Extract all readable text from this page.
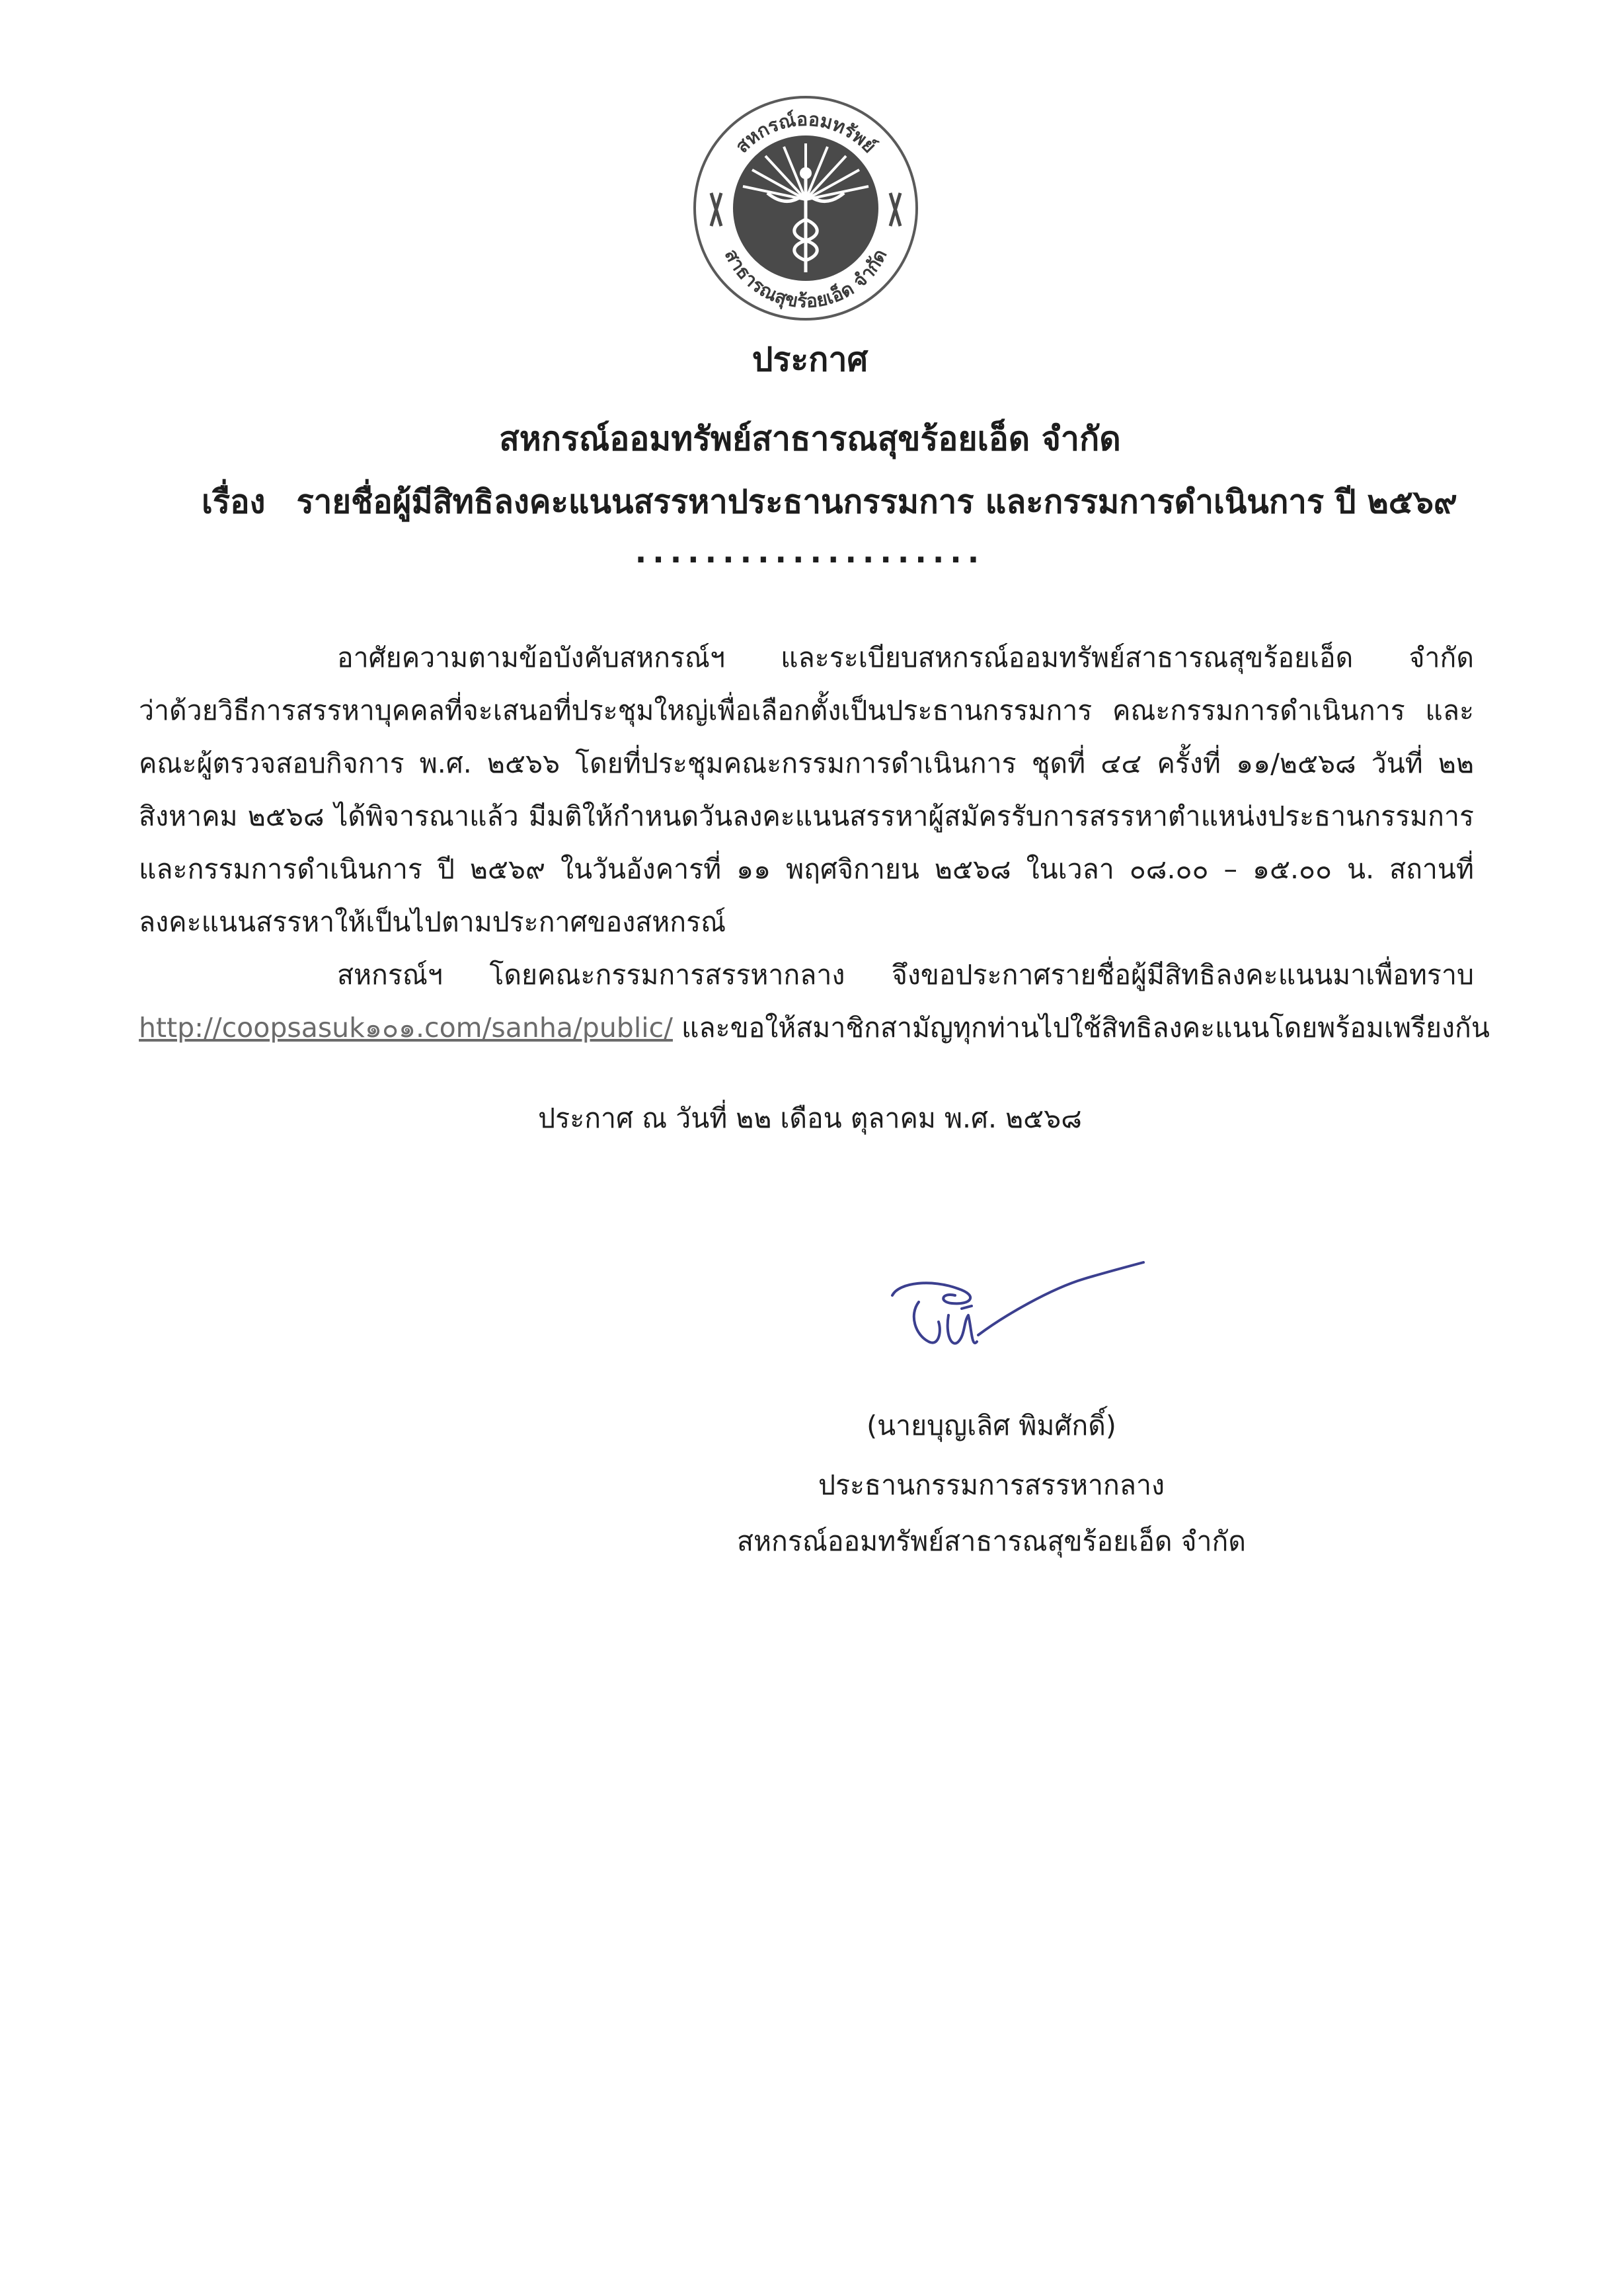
สหกรณ์ออมทรัพย์
สาธารณสุขร้อยเอ็ด จำกัด
ประกาศ
สหกรณ์ออมทรัพย์สาธารณสุขร้อยเอ็ด จำกัด
เรื่อง รายชื่อผู้มีสิทธิลงคะแนนสรรหาประธานกรรมการ และกรรมการดำเนินการ ปี ๒๕๖๙
....................
อาศัยความตามข้อบังคับสหกรณ์ฯ และระเบียบสหกรณ์ออมทรัพย์สาธารณสุขร้อยเอ็ด จำกัด
ว่าด้วยวิธีการสรรหาบุคคลที่จะเสนอที่ประชุมใหญ่เพื่อเลือกตั้งเป็นประธานกรรมการ คณะกรรมการดำเนินการ และ
คณะผู้ตรวจสอบกิจการ พ.ศ. ๒๕๖๖ โดยที่ประชุมคณะกรรมการดำเนินการ ชุดที่ ๔๔ ครั้งที่ ๑๑/๒๕๖๘ วันที่ ๒๒
สิงหาคม ๒๕๖๘ ได้พิจารณาแล้ว มีมติให้กำหนดวันลงคะแนนสรรหาผู้สมัครรับการสรรหาตำแหน่งประธานกรรมการ
และกรรมการดำเนินการ ปี ๒๕๖๙ ในวันอังคารที่ ๑๑ พฤศจิกายน ๒๕๖๘ ในเวลา ๐๘.๐๐ – ๑๕.๐๐ น. สถานที่
ลงคะแนนสรรหาให้เป็นไปตามประกาศของสหกรณ์
สหกรณ์ฯ โดยคณะกรรมการสรรหากลาง จึงขอประกาศรายชื่อผู้มีสิทธิลงคะแนนมาเพื่อทราบ
http://coopsasuk๑๐๑.com/sanha/public/ และขอให้สมาชิกสามัญทุกท่านไปใช้สิทธิลงคะแนนโดยพร้อมเพรียงกัน
ประกาศ ณ วันที่ ๒๒ เดือน ตุลาคม พ.ศ. ๒๕๖๘
(นายบุญเลิศ พิมศักดิ์)
ประธานกรรมการสรรหากลาง
สหกรณ์ออมทรัพย์สาธารณสุขร้อยเอ็ด จำกัด
